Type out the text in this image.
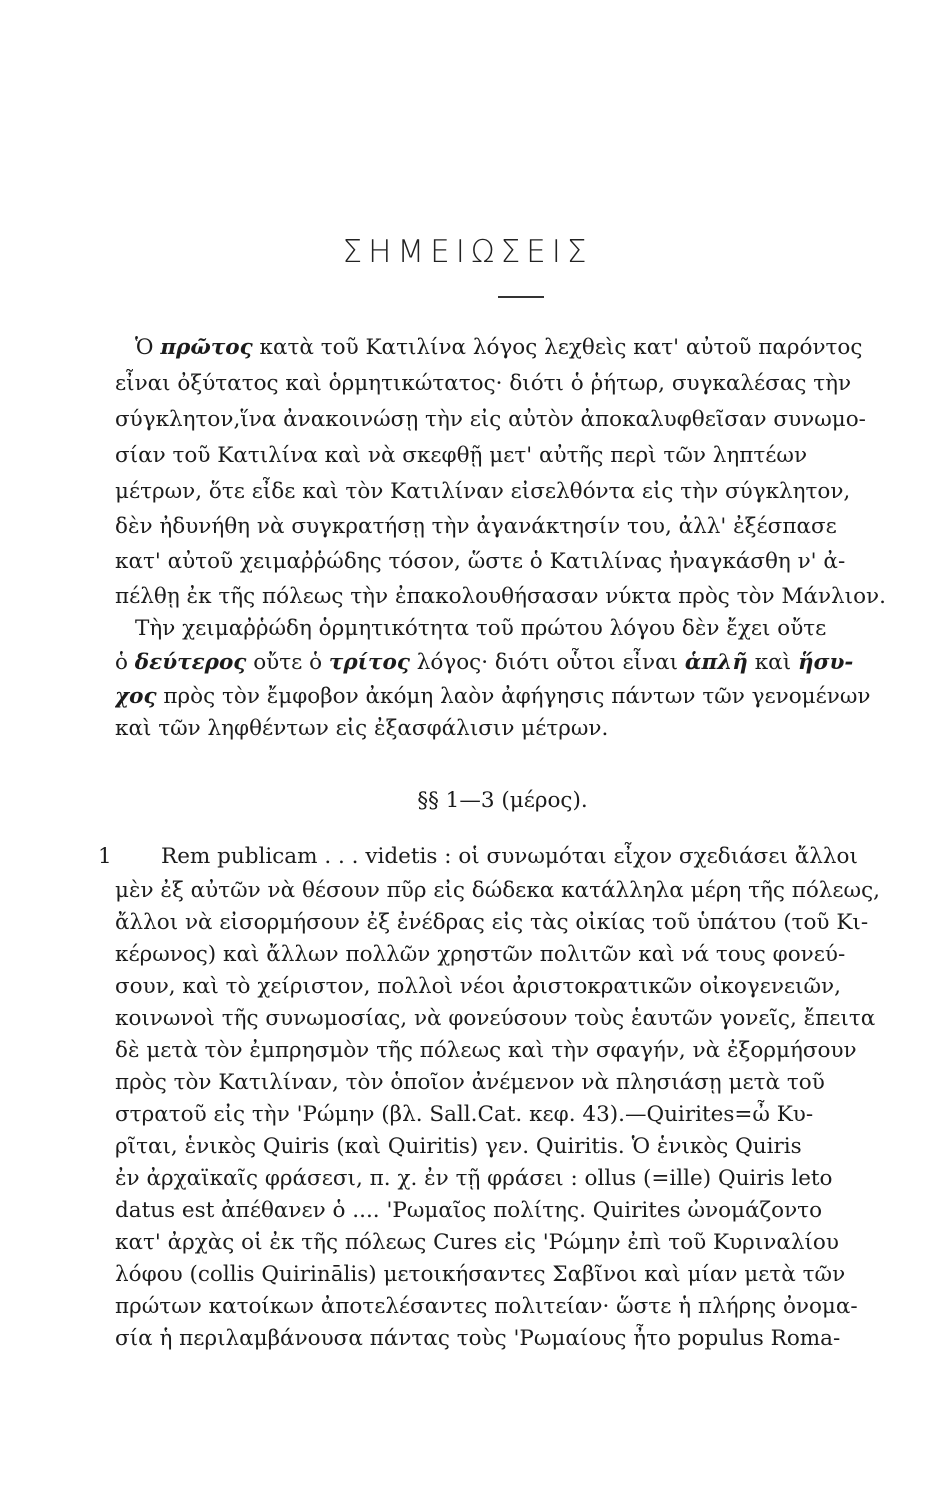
ΣΗΜΕΙΩΣΕΙΣ
Ὁ πρῶτος κατὰ τοῦ Κατιλίνα λόγος λεχθεὶς κατ' αὐτοῦ παρόντος
εἶναι ὀξύτατος καὶ ὁρμητικώτατος· διότι ὁ ῥήτωρ, συγκαλέσας τὴν
σύγκλητον,ἵνα ἀνακοινώσῃ τὴν εἰς αὐτὸν ἀποκαλυφθεῖσαν συνωμο-
σίαν τοῦ Κατιλίνα καὶ νὰ σκεφθῇ μετ' αὐτῆς περὶ τῶν ληπτέων
μέτρων, ὅτε εἶδε καὶ τὸν Κατιλίναν εἰσελθόντα εἰς τὴν σύγκλητον,
δὲν ἠδυνήθη νὰ συγκρατήσῃ τὴν ἀγανάκτησίν του, ἀλλ' ἐξέσπασε
κατ' αὐτοῦ χειμαῤῥώδης τόσον, ὥστε ὁ Κατιλίνας ἠναγκάσθη ν' ἀ-
πέλθῃ ἐκ τῆς πόλεως τὴν ἐπακολουθήσασαν νύκτα πρὸς τὸν Μάνλιον.
Τὴν χειμαῤῥώδη ὁρμητικότητα τοῦ πρώτου λόγου δὲν ἔχει οὔτε
ὁ δεύτερος οὔτε ὁ τρίτος λόγος· διότι οὗτοι εἶναι ἁπλῆ καὶ ἥσυ-
χος πρὸς τὸν ἔμφοβον ἀκόμη λαὸν ἀφήγησις πάντων τῶν γενομένων
καὶ τῶν ληφθέντων εἰς ἐξασφάλισιν μέτρων.
§§ 1—3 (μέρος).
1	Rem publicam . . . videtis : οἱ συνωμόται εἶχον σχεδιάσει ἄλλοι
μὲν ἐξ αὐτῶν νὰ θέσουν πῦρ εἰς δώδεκα κατάλληλα μέρη τῆς πόλεως,
ἄλλοι νὰ εἰσορμήσουν ἐξ ἐνέδρας εἰς τὰς οἰκίας τοῦ ὑπάτου (τοῦ Κι-
κέρωνος) καὶ ἄλλων πολλῶν χρηστῶν πολιτῶν καὶ νά τους φονεύ-
σουν, καὶ τὸ χείριστον, πολλοὶ νέοι ἀριστοκρατικῶν οἰκογενειῶν,
κοινωνοὶ τῆς συνωμοσίας, νὰ φονεύσουν τοὺς ἑαυτῶν γονεῖς, ἔπειτα
δὲ μετὰ τὸν ἐμπρησμὸν τῆς πόλεως καὶ τὴν σφαγήν, νὰ ἐξορμήσουν
πρὸς τὸν Κατιλίναν, τὸν ὁποῖον ἀνέμενον νὰ πλησιάσῃ μετὰ τοῦ
στρατοῦ εἰς τὴν 'Ρώμην (βλ. Sall.Cat. κεφ. 43).—Quirites=ὦ Κυ-
ρῖται, ἑνικὸς Quiris (καὶ Quiritis) γεν. Quiritis. Ὁ ἑνικὸς Quiris
ἐν ἀρχαϊκαῖς φράσεσι, π. χ. ἐν τῇ φράσει : ollus (=ille) Quiris leto
datus est ἀπέθανεν ὁ .... 'Ρωμαῖος πολίτης. Quirites ὠνομάζοντο
κατ' ἀρχὰς οἱ ἐκ τῆς πόλεως Cures εἰς 'Ρώμην ἐπὶ τοῦ Κυριναλίου
λόφου (collis Quirinālis) μετοικήσαντες Σαβῖνοι καὶ μίαν μετὰ τῶν
πρώτων κατοίκων ἀποτελέσαντες πολιτείαν· ὥστε ἡ πλήρης ὀνομα-
σία ἡ περιλαμβάνουσα πάντας τοὺς 'Ρωμαίους ἦτο populus Roma-
